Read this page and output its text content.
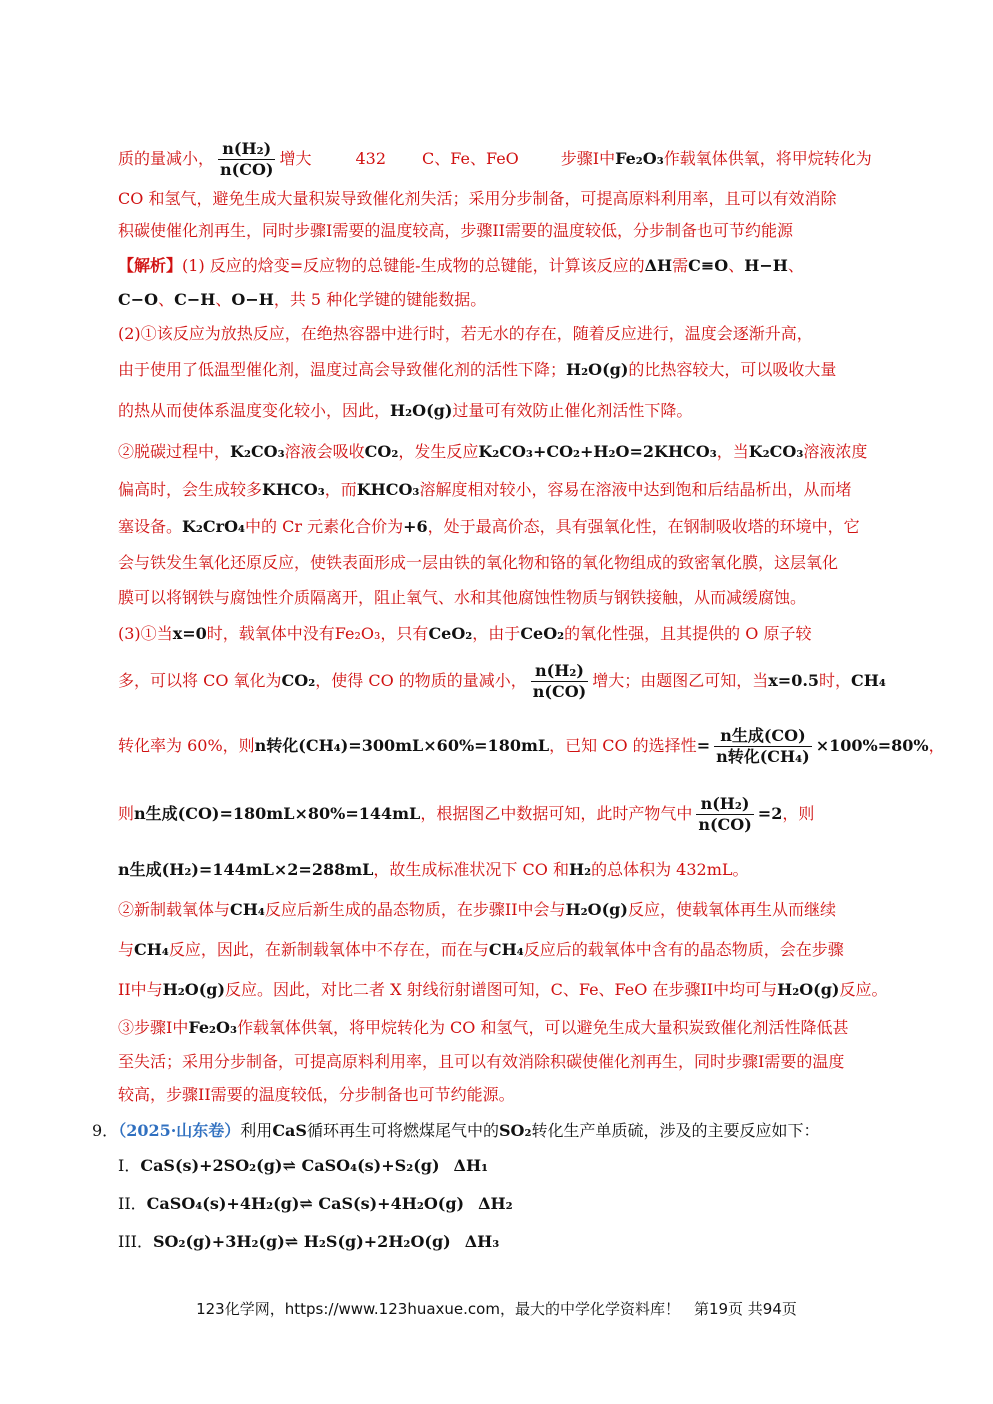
质的量减小， $\frac{\text{n(H₂)}}{n(CO)}$ 增大	432 C、Fe、FeO	步骤I中Fe₂O₃作载氧体供氧，将甲烷转化为
CO 和氢气，避免生成大量积炭导致催化剂失活；采用分步制备，可提高原料利用率，且可以有效消除
积碳使催化剂再生，同时步骤I需要的温度较高，步骤II需要的温度较低，分步制备也可节约能源
【解析】(1) 反应的焓变=反应物的总键能-生成物的总键能，计算该反应的ΔH需C≡O、H−H、
C−O、C−H、O−H，共 5 种化学键的键能数据。
(2)①该反应为放热反应，在绝热容器中进行时，若无水的存在，随着反应进行，温度会逐渐升高，
由于使用了低温型催化剂，温度过高会导致催化剂的活性下降；H₂O(g)的比热容较大，可以吸收大量
的热从而使体系温度变化较小，因此，H₂O(g)过量可有效防止催化剂活性下降。
②脱碳过程中，K₂CO₃溶液会吸收CO₂，发生反应K₂CO₃+CO₂+H₂O=2KHCO₃，当K₂CO₃溶液浓度
偏高时，会生成较多KHCO₃，而KHCO₃溶解度相对较小，容易在溶液中达到饱和后结晶析出，从而堵
塞设备。K₂CrO₄中的 Cr 元素化合价为+6，处于最高价态，具有强氧化性，在钢制吸收塔的环境中，它
会与铁发生氧化还原反应，使铁表面形成一层由铁的氧化物和铬的氧化物组成的致密氧化膜，这层氧化
膜可以将钢铁与腐蚀性介质隔离开，阻止氧气、水和其他腐蚀性物质与钢铁接触，从而减缓腐蚀。
(3)①当x=0时，载氧体中没有Fe₂O₃，只有CeO₂，由于CeO₂的氧化性强，且其提供的 O 原子较
多，可以将 CO 氧化为CO₂，使得 CO 的物质的量减小， $\frac{\text{n(H₂)}}{n(CO)}$ 增大；由题图乙可知，当x=0.5时，CH₄
转化率为 60%，则n转化(CH₄)=300mL×60%=180mL，已知 CO 的选择性= $\frac{\text{n生成(CO)}}{\text{n转化(CH₄)}} \times 100\%=80\%$，
则n生成(CO)=180mL×80%=144mL，根据图乙中数据可知，此时产物气中 $\frac{\text{n(H₂)}}{n(CO)} =2$，则
n生成(H₂)=144mL×2=288mL，故生成标准状况下 CO 和H₂的总体积为 432mL。
②新制载氧体与CH₄反应后新生成的晶态物质，在步骤II中会与H₂O(g)反应，使载氧体再生从而继续
与CH₄反应，因此，在新制载氧体中不存在，而在与CH₄反应后的载氧体中含有的晶态物质，会在步骤
II中与H₂O(g)反应。因此，对比二者 X 射线衍射谱图可知，C、Fe、FeO 在步骤II中均可与H₂O(g)反应。
③步骤I中Fe₂O₃作载氧体供氧，将甲烷转化为 CO 和氢气，可以避免生成大量积炭致催化剂活性降低甚
至失活；采用分步制备，可提高原料利用率，且可以有效消除积碳使催化剂再生，同时步骤I需要的温度
较高，步骤II需要的温度较低，分步制备也可节约能源。
9．（2025·山东卷）利用CaS循环再生可将燃煤尾气中的SO₂转化生产单质硫，涉及的主要反应如下：
I．CaS(s)+2SO₂(g)⇌ CaSO₄(s)+S₂(g) ΔH₁
II．CaSO₄(s)+4H₂(g)⇌ CaS(s)+4H₂O(g) ΔH₂
III．SO₂(g)+3H₂(g)⇌ H₂S(g)+2H₂O(g) ΔH₃
123化学网，https://www.123huaxue.com，最大的中学化学资料库！ 第19页 共94页
